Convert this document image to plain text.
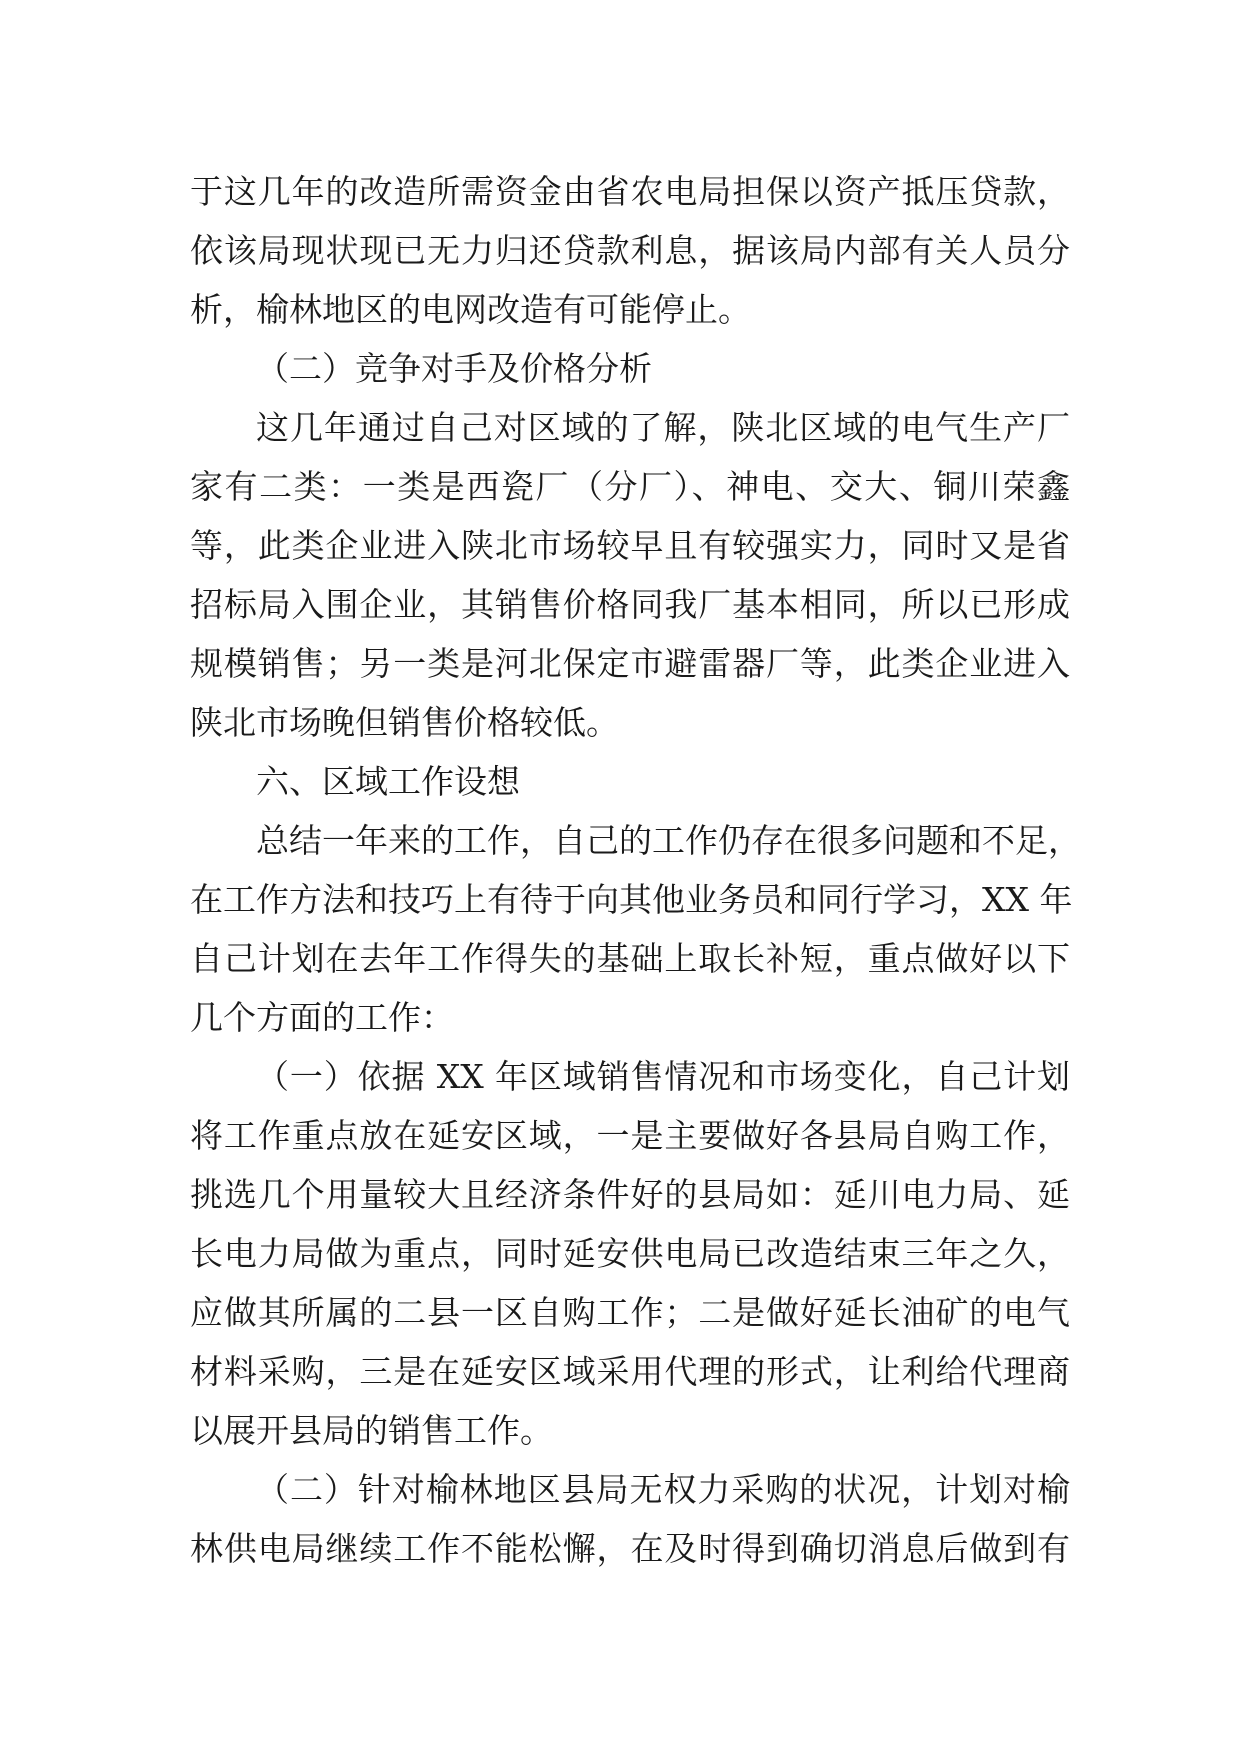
于这几年的改造所需资金由省农电局担保以资产抵压贷款，
依该局现状现已无力归还贷款利息，据该局内部有关人员分
析，榆林地区的电网改造有可能停止。
（二）竞争对手及价格分析
这几年通过自己对区域的了解，陕北区域的电气生产厂
家有二类：一类是西瓷厂（分厂）、神电、交大、铜川荣鑫
等，此类企业进入陕北市场较早且有较强实力，同时又是省
招标局入围企业，其销售价格同我厂基本相同，所以已形成
规模销售；另一类是河北保定市避雷器厂等，此类企业进入
陕北市场晚但销售价格较低。
六、区域工作设想
总结一年来的工作，自己的工作仍存在很多问题和不足，
在工作方法和技巧上有待于向其他业务员和同行学习，XX 年
自己计划在去年工作得失的基础上取长补短，重点做好以下
几个方面的工作：
（一）依据 XX 年区域销售情况和市场变化，自己计划
将工作重点放在延安区域，一是主要做好各县局自购工作，
挑选几个用量较大且经济条件好的县局如：延川电力局、延
长电力局做为重点，同时延安供电局已改造结束三年之久，
应做其所属的二县一区自购工作；二是做好延长油矿的电气
材料采购，三是在延安区域采用代理的形式，让利给代理商
以展开县局的销售工作。
（二）针对榆林地区县局无权力采购的状况，计划对榆
林供电局继续工作不能松懈，在及时得到确切消息后做到有
